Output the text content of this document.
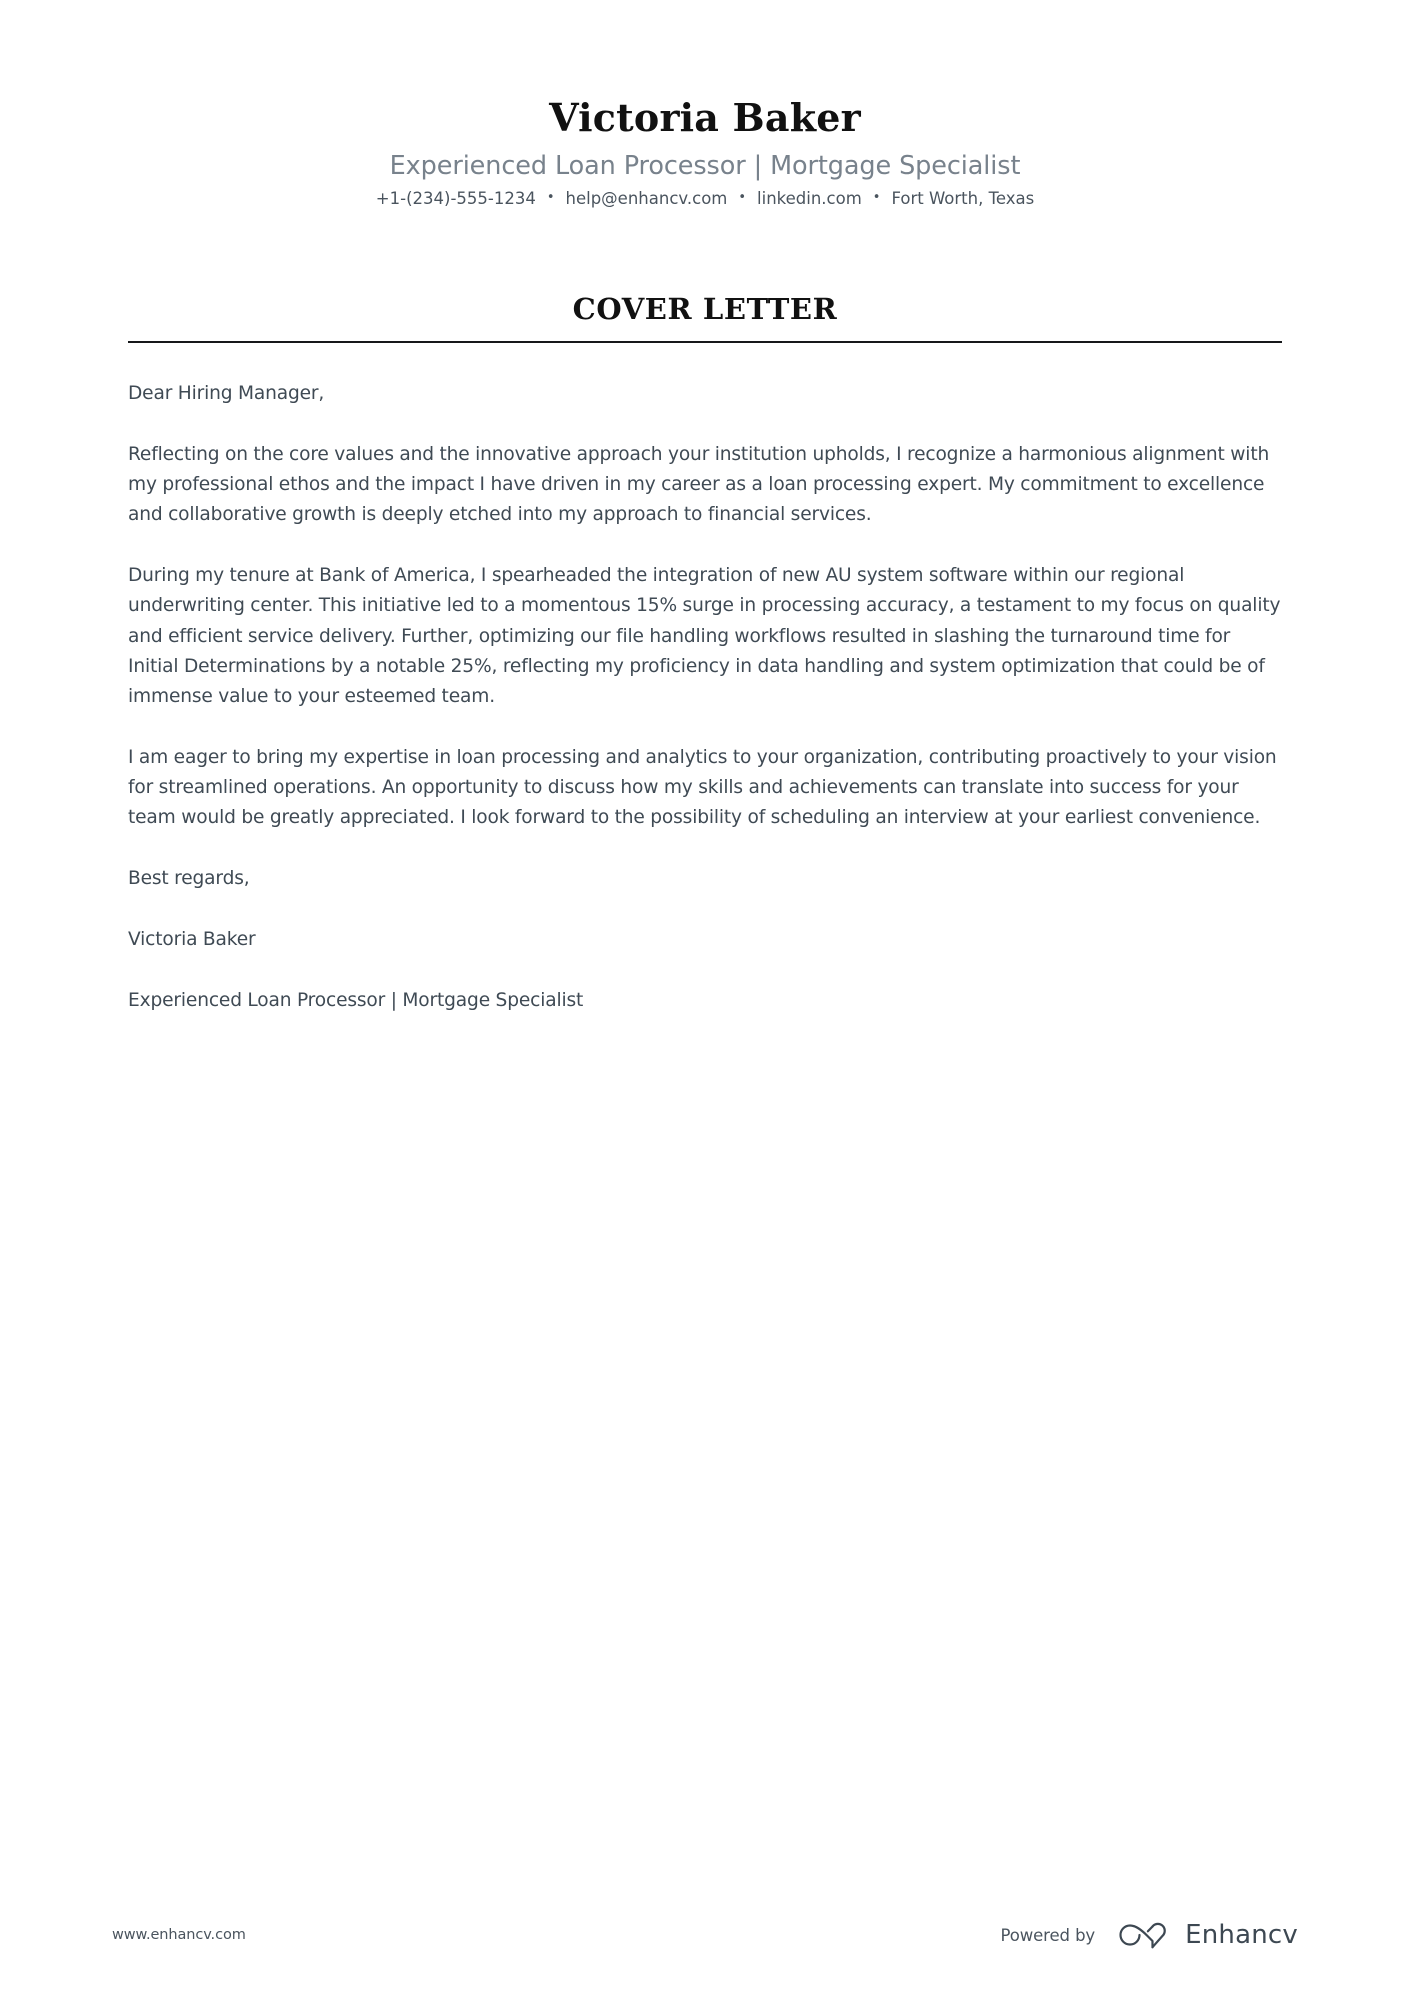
Victoria Baker
Experienced Loan Processor | Mortgage Specialist
+1-(234)-555-1234 • help@enhancv.com • linkedin.com • Fort Worth, Texas
COVER LETTER

Dear Hiring Manager,

Reflecting on the core values and the innovative approach your institution upholds, I recognize a harmonious alignment with my professional ethos and the impact I have driven in my career as a loan processing expert. My commitment to excellence and collaborative growth is deeply etched into my approach to financial services.

During my tenure at Bank of America, I spearheaded the integration of new AU system software within our regional underwriting center. This initiative led to a momentous 15% surge in processing accuracy, a testament to my focus on quality and efficient service delivery. Further, optimizing our file handling workflows resulted in slashing the turnaround time for Initial Determinations by a notable 25%, reflecting my proficiency in data handling and system optimization that could be of immense value to your esteemed team.

I am eager to bring my expertise in loan processing and analytics to your organization, contributing proactively to your vision for streamlined operations. An opportunity to discuss how my skills and achievements can translate into success for your team would be greatly appreciated. I look forward to the possibility of scheduling an interview at your earliest convenience.

Best regards,

Victoria Baker

Experienced Loan Processor | Mortgage Specialist

www.enhancv.com	Powered by	Enhancv
